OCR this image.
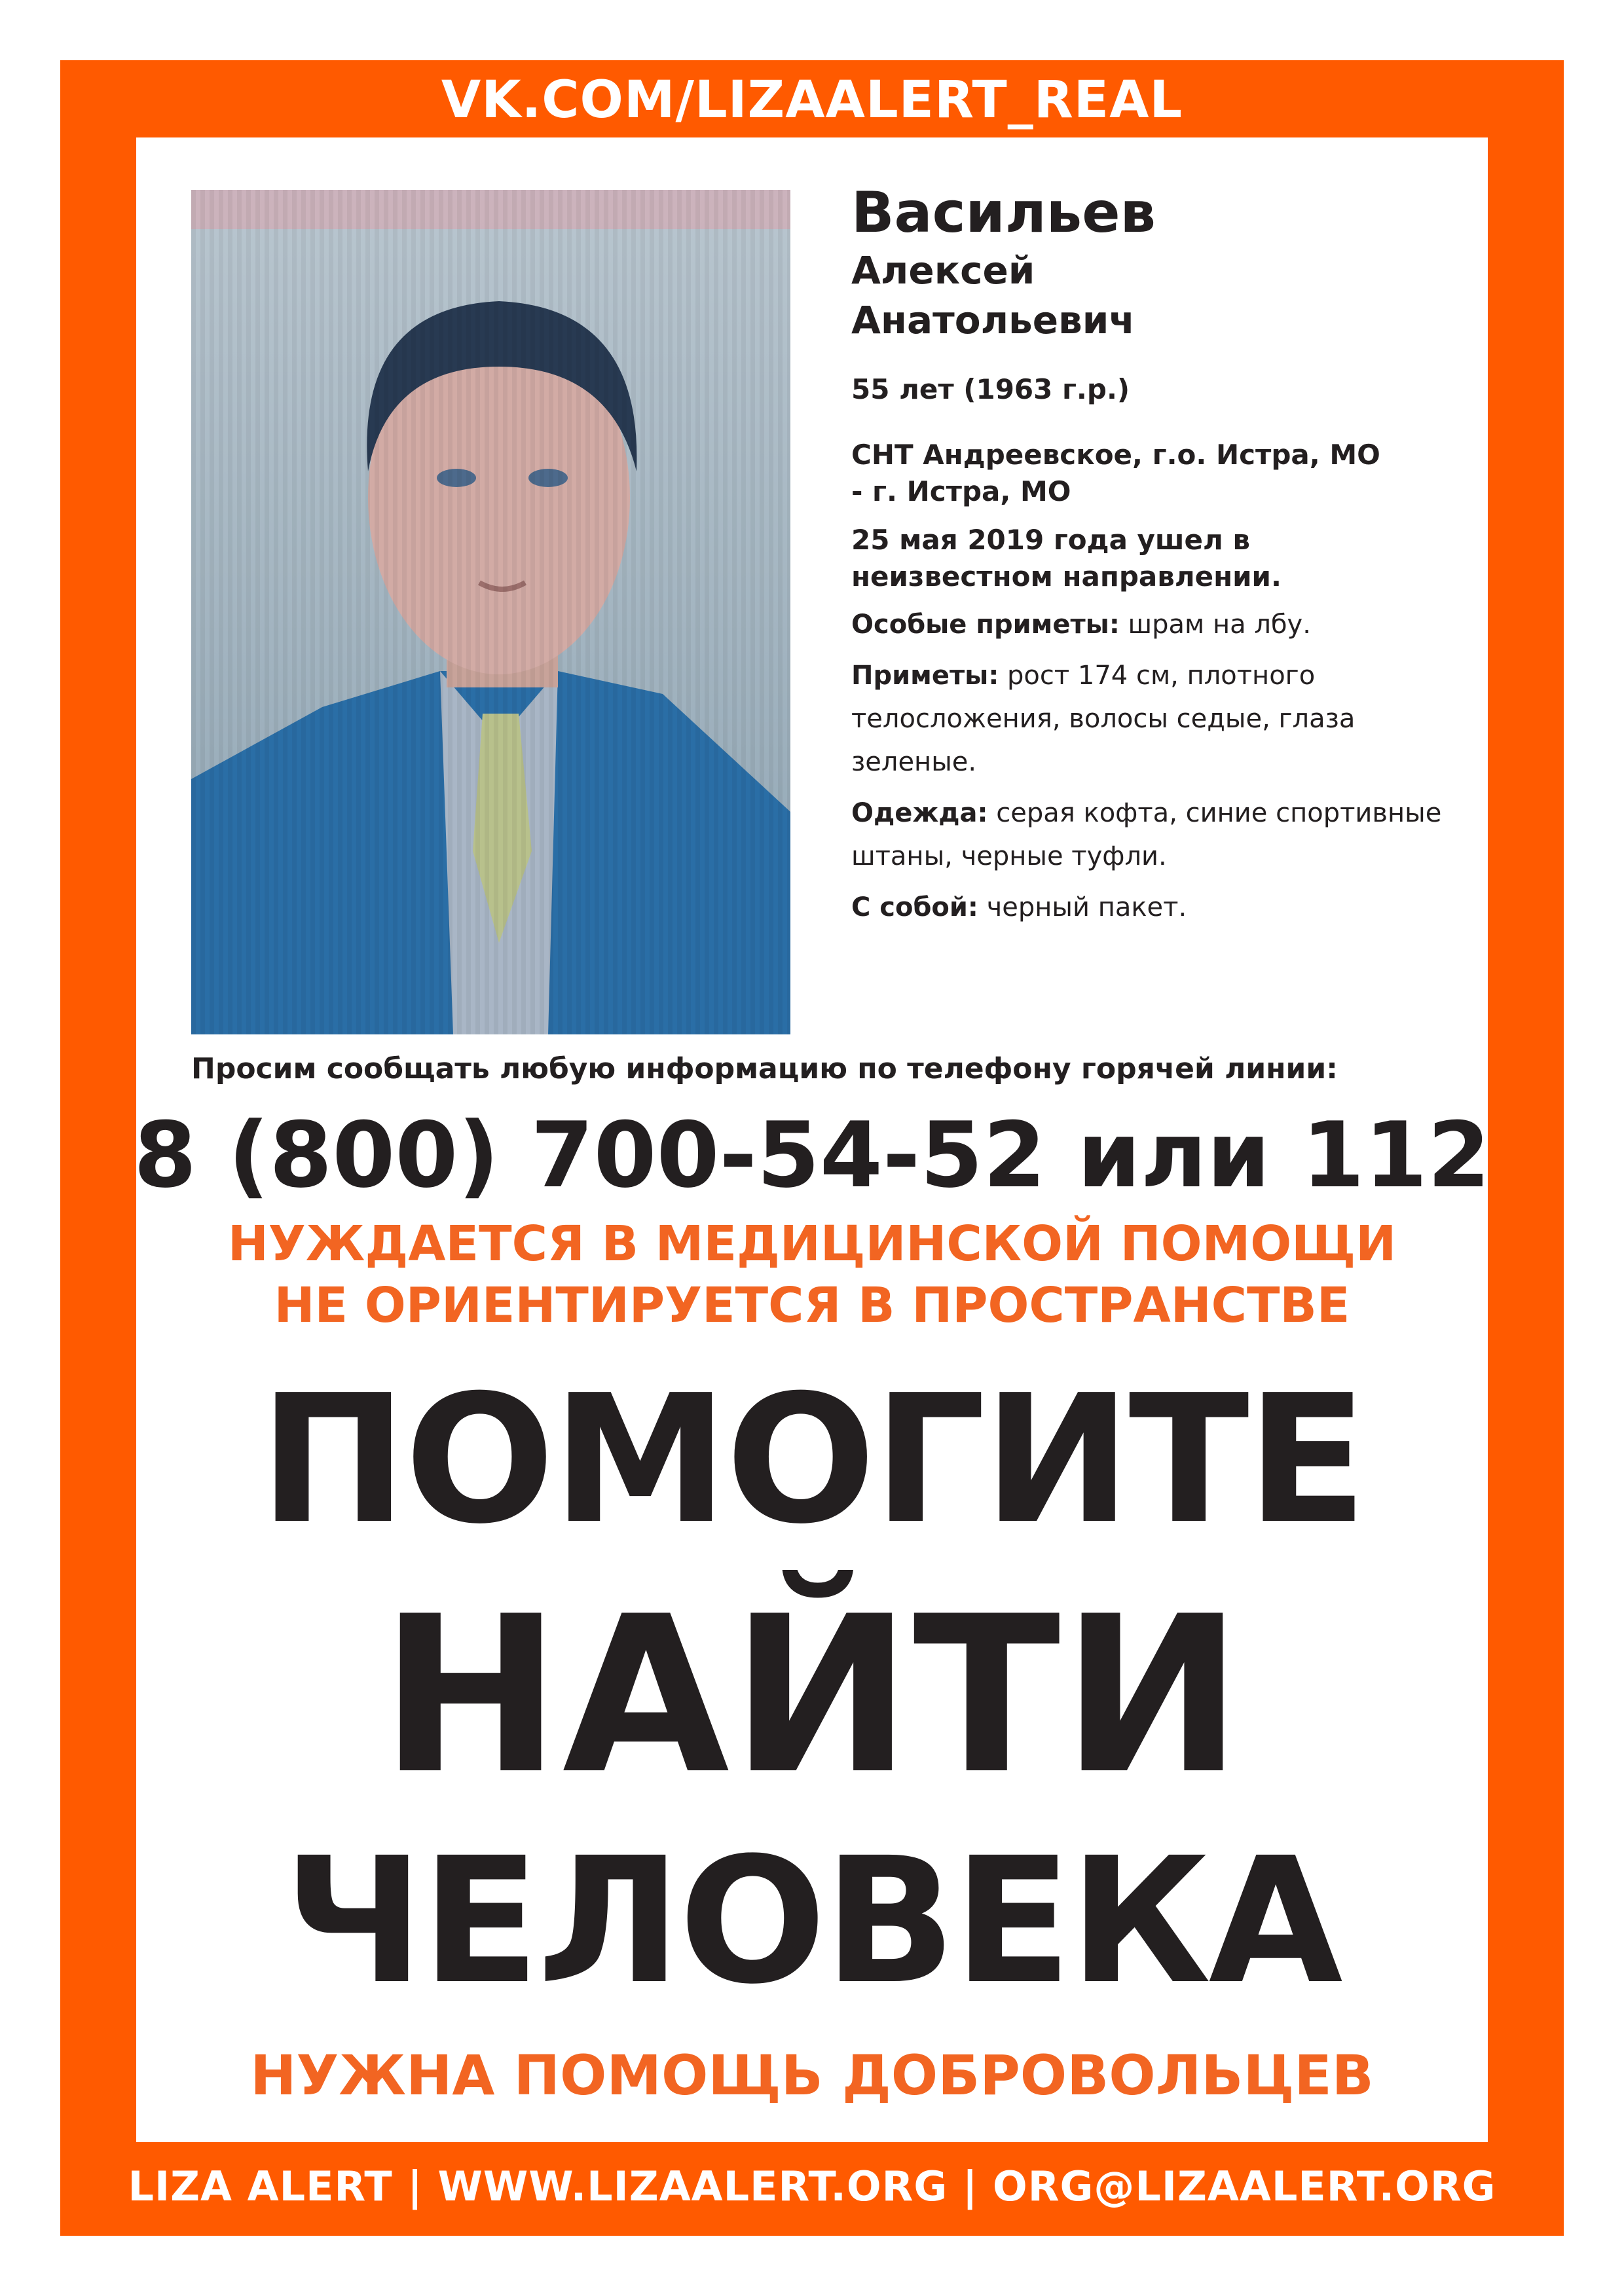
VK.COM/LIZAALERT_REAL
Васильев
Алексей
Анатольевич
55 лет (1963 г.р.)
СНТ Андреевское, г.о. Истра, МО
- г. Истра, МО
25 мая 2019 года ушел в
неизвестном направлении.
Особые приметы: шрам на лбу.
Приметы: рост 174 см, плотного телосложения, волосы седые, глаза зеленые.
Одежда: серая кофта, синие спортивные штаны, черные туфли.
С собой: черный пакет.
Просим сообщать любую информацию по телефону горячей линии:
8 (800) 700-54-52 или 112
НУЖДАЕТСЯ В МЕДИЦИНСКОЙ ПОМОЩИ
НЕ ОРИЕНТИРУЕТСЯ В ПРОСТРАНСТВЕ
ПОМОГИТЕ
НАЙТИ
ЧЕЛОВЕКА
НУЖНА ПОМОЩЬ ДОБРОВОЛЬЦЕВ
LIZA ALERT | WWW.LIZAALERT.ORG | ORG@LIZAALERT.ORG
